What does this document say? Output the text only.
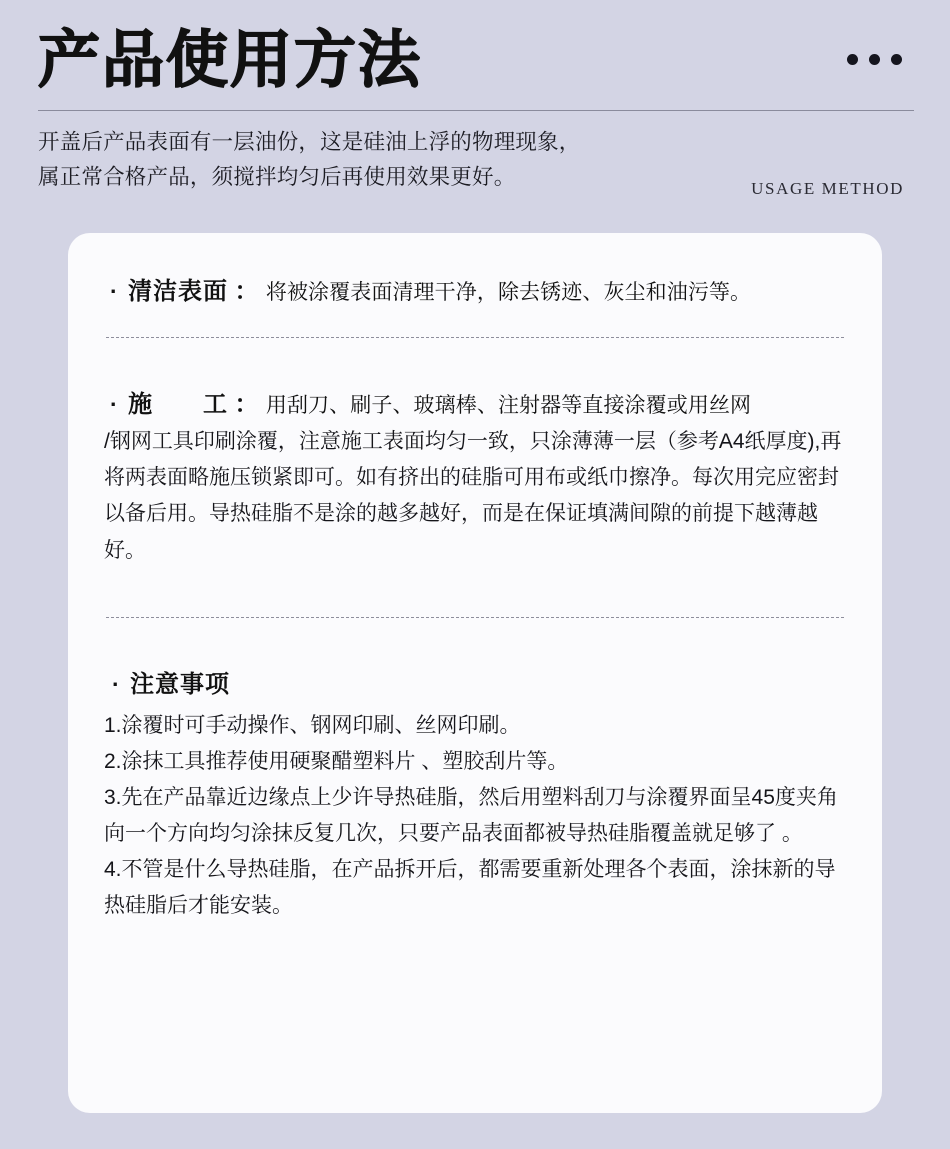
产品使用方法

开盖后产品表面有一层油份，这是硅油上浮的物理现象，

属正常合格产品，须搅拌均匀后再使用效果更好。	USAGE METHOD
· 清洁表面 ： 将被涂覆表面清理干净，除去锈迹、灰尘和油污等。
· 施　　工 ： 用刮刀、刷子、玻璃棒、注射器等直接涂覆或用丝网

/钢网工具印刷涂覆，注意施工表面均匀一致，只涂薄薄一层（参考A4纸厚度),再将两表面略施压锁紧即可。如有挤出的硅脂可用布或纸巾擦净。每次用完应密封以备后用。导热硅脂不是涂的越多越好，而是在保证填满间隙的前提下越薄越好。

· 注意事项
1.涂覆时可手动操作、钢网印刷、丝网印刷。
2.涂抹工具推荐使用硬聚醋塑料片 、塑胶刮片等。
3.先在产品靠近边缘点上少许导热硅脂，然后用塑料刮刀与涂覆界面呈45度夹角向一个方向均匀涂抹反复几次，只要产品表面都被导热硅脂覆盖就足够了 。
4.不管是什么导热硅脂，在产品拆开后，都需要重新处理各个表面，涂抹新的导热硅脂后才能安装。
